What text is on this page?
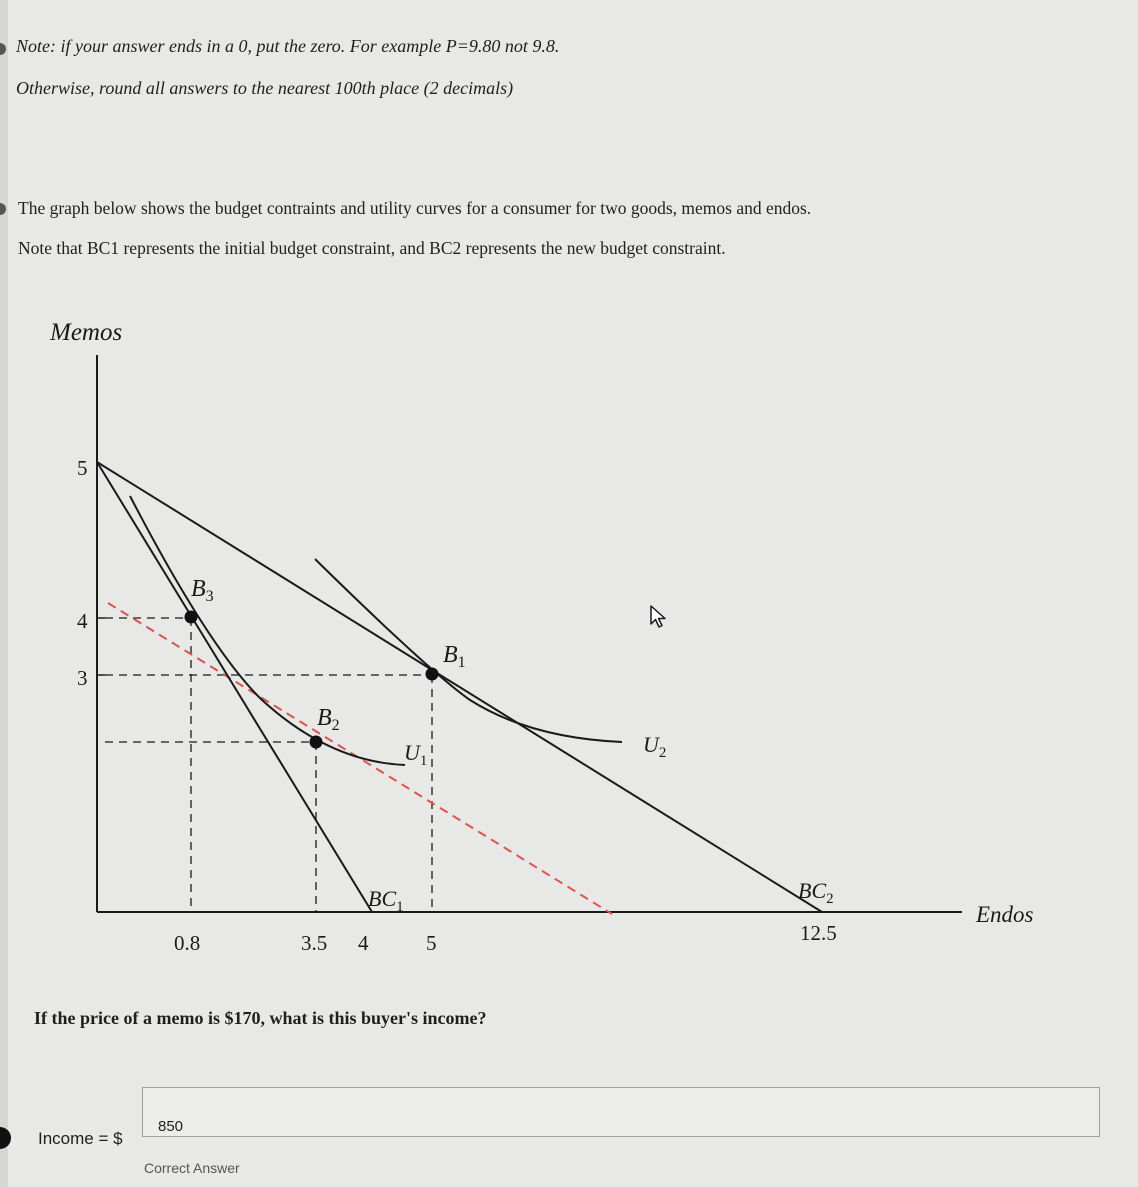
Note: if your answer ends in a 0, put the zero. For example P=9.80 not 9.8.
Otherwise, round all answers to the nearest 100th place (2 decimals)
The graph below shows the budget contraints and utility curves for a consumer for two goods, memos and endos.
Note that BC1 represents the initial budget constraint, and BC2 represents the new budget constraint.
Memos
Endos
5
4
3
0.8	3.5 4	5	12.5
$B_3$
$B_1$
$B_2$
$U_1$
$U_2$
$BC_1$
$BC_2$
If the price of a memo is $170, what is this buyer's income?
Income = $
850
Correct Answer
